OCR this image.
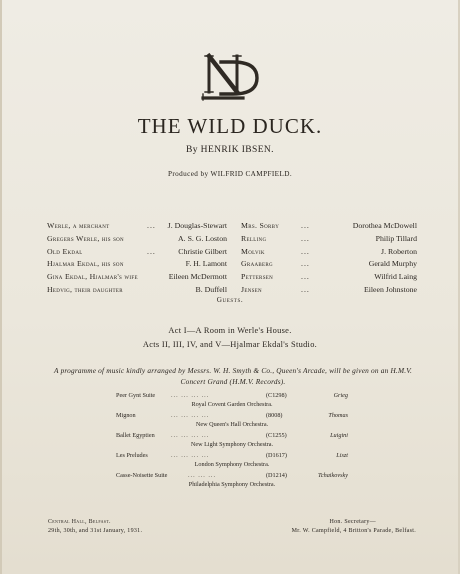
THE WILD DUCK.
By HENRIK IBSEN.
Produced by WILFRID CAMPFIELD.
Werle, a merchant	... J. Douglas-Stewart
Gregers Werle, his son	A. S. G. Loston
Old Ekdal	...	Christie Gilbert
Hjalmar Ekdal, his son	F. H. Lamont
Gina Ekdal, Hjalmar's wife	Eileen McDermott
Hedvig, their daughter	B. Duffell
Mrs. Sorby	...	Dorothea McDowell
Relling	...	Philip Tillard
Molvik	...	J. Roberton
Graaberg	...	Gerald Murphy
Pettersen	...	Wilfrid Laing
Jensen	...	Eileen Johnstone
Guests.
Act I—A Room in Werle's House.
Acts II, III, IV, and V—Hjalmar Ekdal's Studio.
A programme of music kindly arranged by Messrs. W. H. Smyth & Co., Queen's Arcade, will be given on an H.M.V. Concert Grand (H.M.V. Records).
Peer Gynt Suite	... ... ... ...	(C1298)	Grieg
Royal Covent Garden Orchestra.
Mignon	... ... ... ...	(8008)	Thomas
New Queen's Hall Orchestra.
Ballet Egyptien	... ... ... ...	(C1255)	Luigini
New Light Symphony Orchestra.
Les Preludes	... ... ... ...	(D1617)	Liszt
London Symphony Orchestra.
Casse-Noisette Suite	... ... ...	(D1214)	Tchaikovsky
Philadelphia Symphony Orchestra.
Central Hall, Belfast.
29th, 30th, and 31st January, 1931.
Hon. Secretary—
Mr. W. Campfield, 4 Britton's Parade, Belfast.
